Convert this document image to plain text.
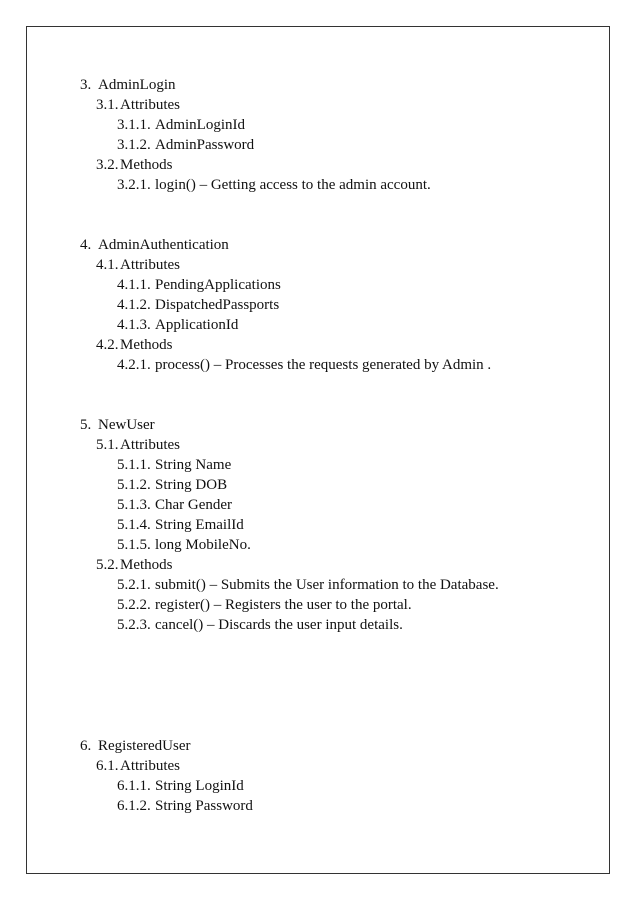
3. AdminLogin
3.1. Attributes
3.1.1. AdminLoginId
3.1.2. AdminPassword
3.2. Methods
3.2.1. login() – Getting access to the admin account.
4. AdminAuthentication
4.1. Attributes
4.1.1. PendingApplications
4.1.2. DispatchedPassports
4.1.3. ApplicationId
4.2. Methods
4.2.1. process() – Processes the requests generated by Admin .
5. NewUser
5.1. Attributes
5.1.1. String Name
5.1.2. String DOB
5.1.3. Char Gender
5.1.4. String EmailId
5.1.5. long MobileNo.
5.2. Methods
5.2.1. submit() – Submits the User information to the Database.
5.2.2. register() – Registers the user to the portal.
5.2.3. cancel() – Discards the user input details.
6. RegisteredUser
6.1. Attributes
6.1.1. String LoginId
6.1.2. String Password
